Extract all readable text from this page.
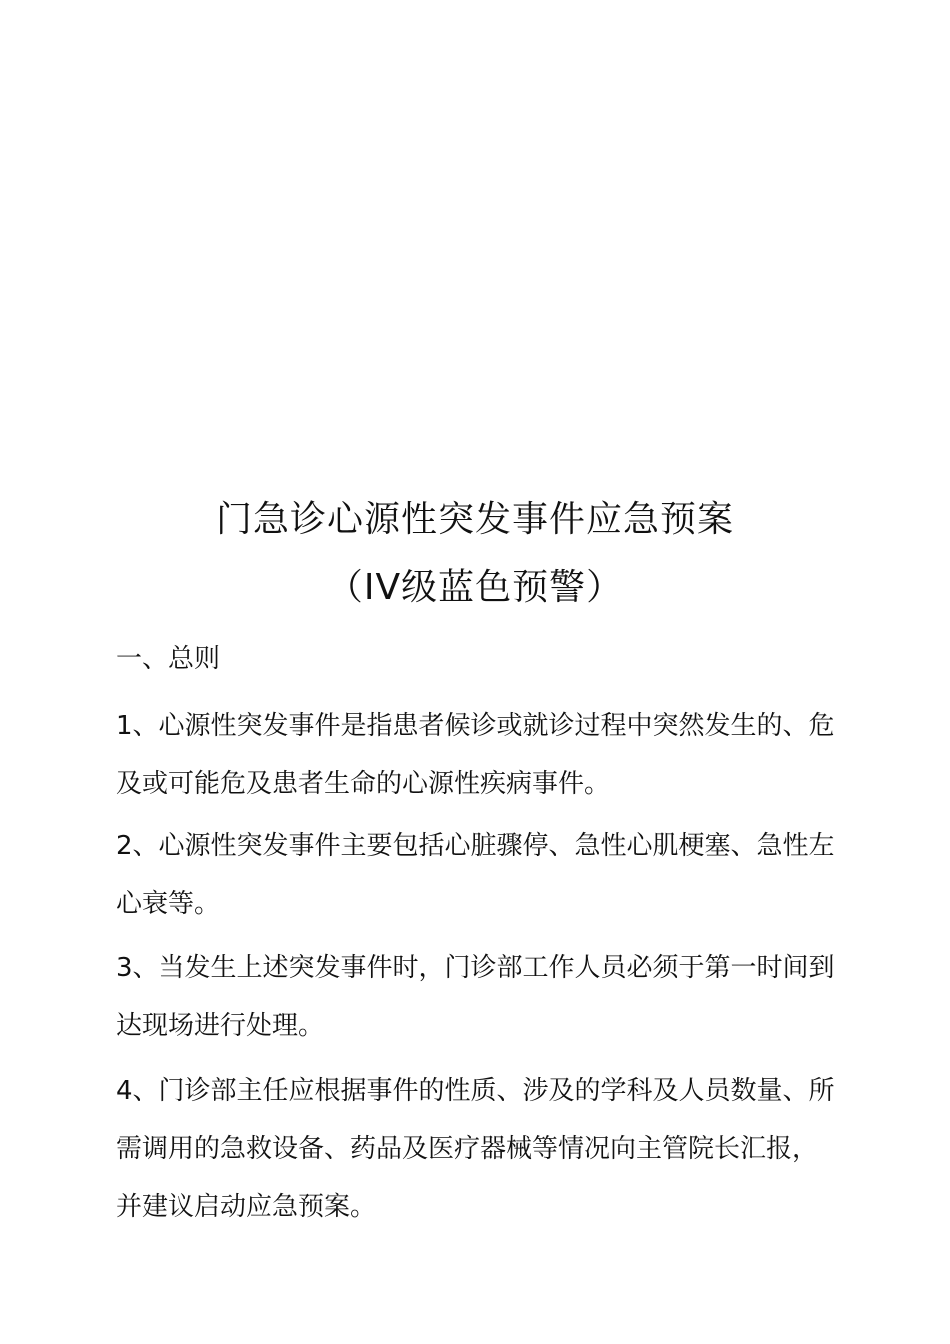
门急诊心源性突发事件应急预案
（IV级蓝色预警）
一、总则
1、心源性突发事件是指患者候诊或就诊过程中突然发生的、危及或可能危及患者生命的心源性疾病事件。
2、心源性突发事件主要包括心脏骤停、急性心肌梗塞、急性左心衰等。
3、当发生上述突发事件时，门诊部工作人员必须于第一时间到达现场进行处理。
4、门诊部主任应根据事件的性质、涉及的学科及人员数量、所需调用的急救设备、药品及医疗器械等情况向主管院长汇报，并建议启动应急预案。
